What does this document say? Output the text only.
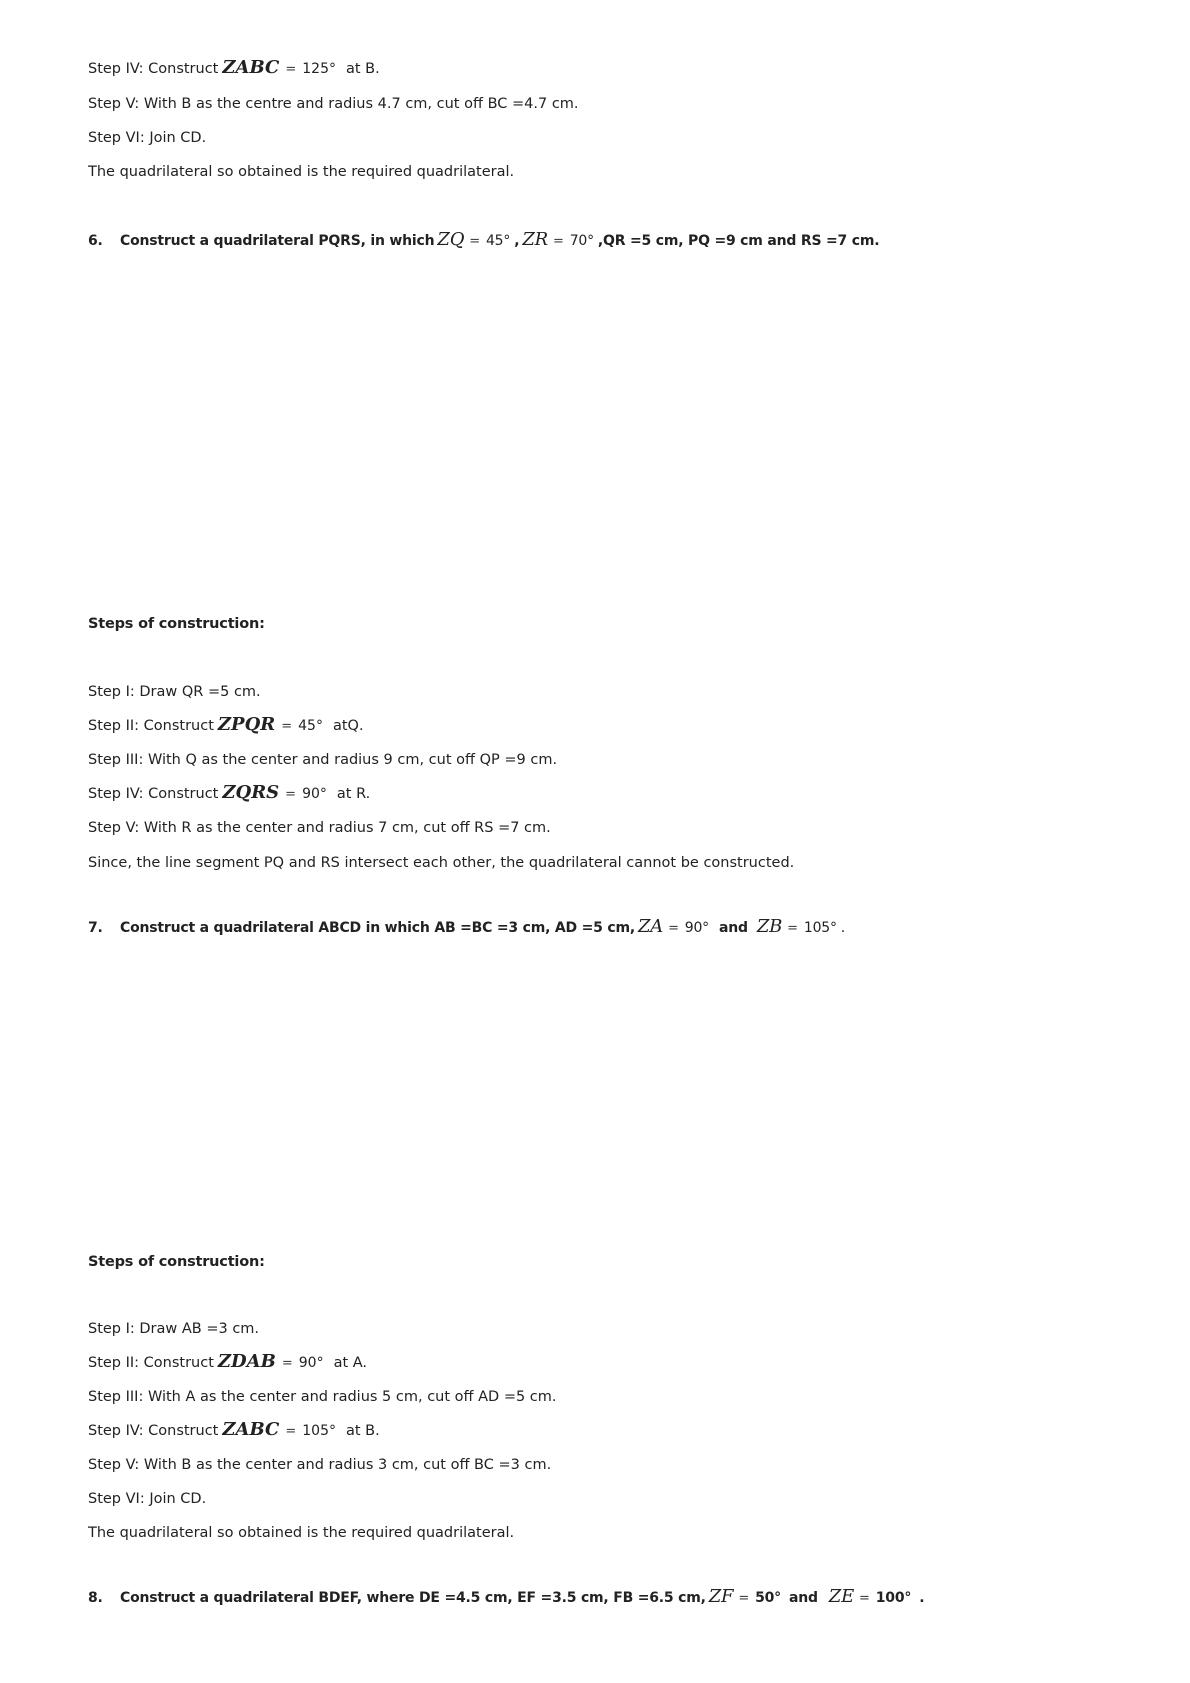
Step IV: Construct ZABC = 125° at B.

Step V: With B as the centre and radius 4.7 cm, cut off BC =4.7 cm.

Step VI: Join CD.

The quadrilateral so obtained is the required quadrilateral.

6. Construct a quadrilateral PQRS, in which ZQ = 45° , ZR = 70° ,QR =5 cm, PQ =9 cm and RS =7 cm.

Steps of construction:

Step I: Draw QR =5 cm.

Step II: Construct ZPQR = 45° atQ.

Step III: With Q as the center and radius 9 cm, cut off QP =9 cm.

Step IV: Construct ZQRS = 90° at R.

Step V: With R as the center and radius 7 cm, cut off RS =7 cm.

Since, the line segment PQ and RS intersect each other, the quadrilateral cannot be constructed.

7. Construct a quadrilateral ABCD in which AB =BC =3 cm, AD =5 cm, ZA = 90° and ZB = 105° .

Steps of construction:

Step I: Draw AB =3 cm.

Step II: Construct ZDAB = 90° at A.

Step III: With A as the center and radius 5 cm, cut off AD =5 cm.

Step IV: Construct ZABC = 105° at B.

Step V: With B as the center and radius 3 cm, cut off BC =3 cm.

Step VI: Join CD.

The quadrilateral so obtained is the required quadrilateral.

8. Construct a quadrilateral BDEF, where DE =4.5 cm, EF =3.5 cm, FB =6.5 cm, ZF = 50° and ZE = 100° .
